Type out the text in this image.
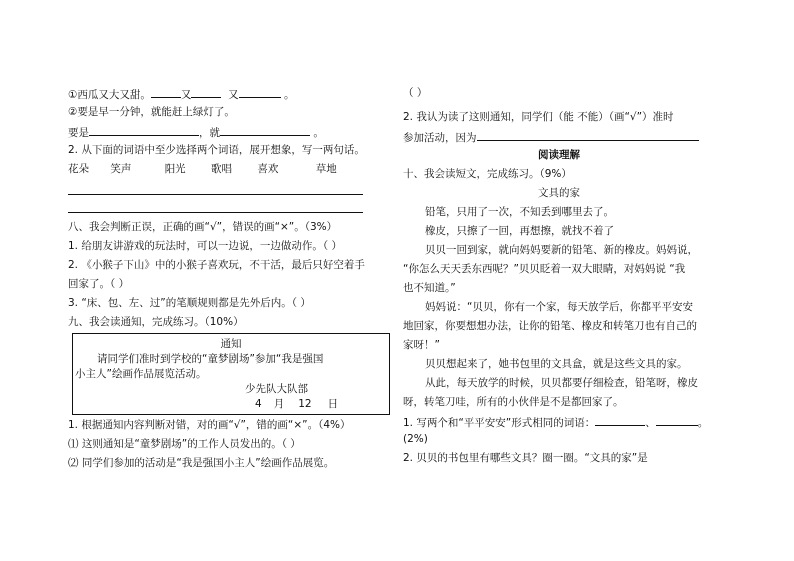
①西瓜又大又甜。	又	又	。
②要是早一分钟，就能赶上绿灯了。
要是	，就	。
2. 从下面的词语中至少选择两个词语，展开想象，写一两句话。
花朵 笑声	阳光 歌唱 喜欢	草地
八、我会判断正误，正确的画“√”，错误的画“×”。（3%）
1. 给朋友讲游戏的玩法时，可以一边说，一边做动作。（ ）
2. 《小猴子下山》中的小猴子喜欢玩，不干活，最后只好空着手
回家了。（ ）
3. “床、包、左、过”的笔顺规则都是先外后内。（ ）
九、我会读通知，完成练习。（10%）
通知
请同学们准时到学校的“童梦剧场”参加“我是强国
小主人”绘画作品展览活动。
少先队大队部
4 月 12 日
1. 根据通知内容判断对错，对的画“√”，错的画“×”。（4%）
⑴ 这则通知是“童梦剧场”的工作人员发出的。（ ）
⑵ 同学们参加的活动是“我是强国小主人”绘画作品展览。
（ ）
2. 我认为读了这则通知，同学们（能 不能）（画“√”）准时
参加活动，因为
阅读理解
十、我会读短文，完成练习。（9%）
文具的家
铅笔，只用了一次，不知丢到哪里去了。
橡皮，只擦了一回，再想擦，就找不着了
贝贝一回到家，就向妈妈要新的铅笔、新的橡皮。妈妈说，
“你怎么天天丢东西呢？”贝贝眨着一双大眼睛，对妈妈说 “我
也不知道。”
妈妈说：“贝贝，你有一个家，每天放学后，你都平平安安
地回家，你要想想办法，让你的铅笔、橡皮和转笔刀也有自己的
家呀！”
贝贝想起来了，她书包里的文具盒，就是这些文具的家。
从此，每天放学的时候，贝贝都要仔细检查，铅笔呀，橡皮
呀，转笔刀哇，所有的小伙伴是不是都回家了。
1. 写两个和“平平安安”形式相同的词语：	、	。
(2%)
2. 贝贝的书包里有哪些文具？圈一圈。“文具的家”是
